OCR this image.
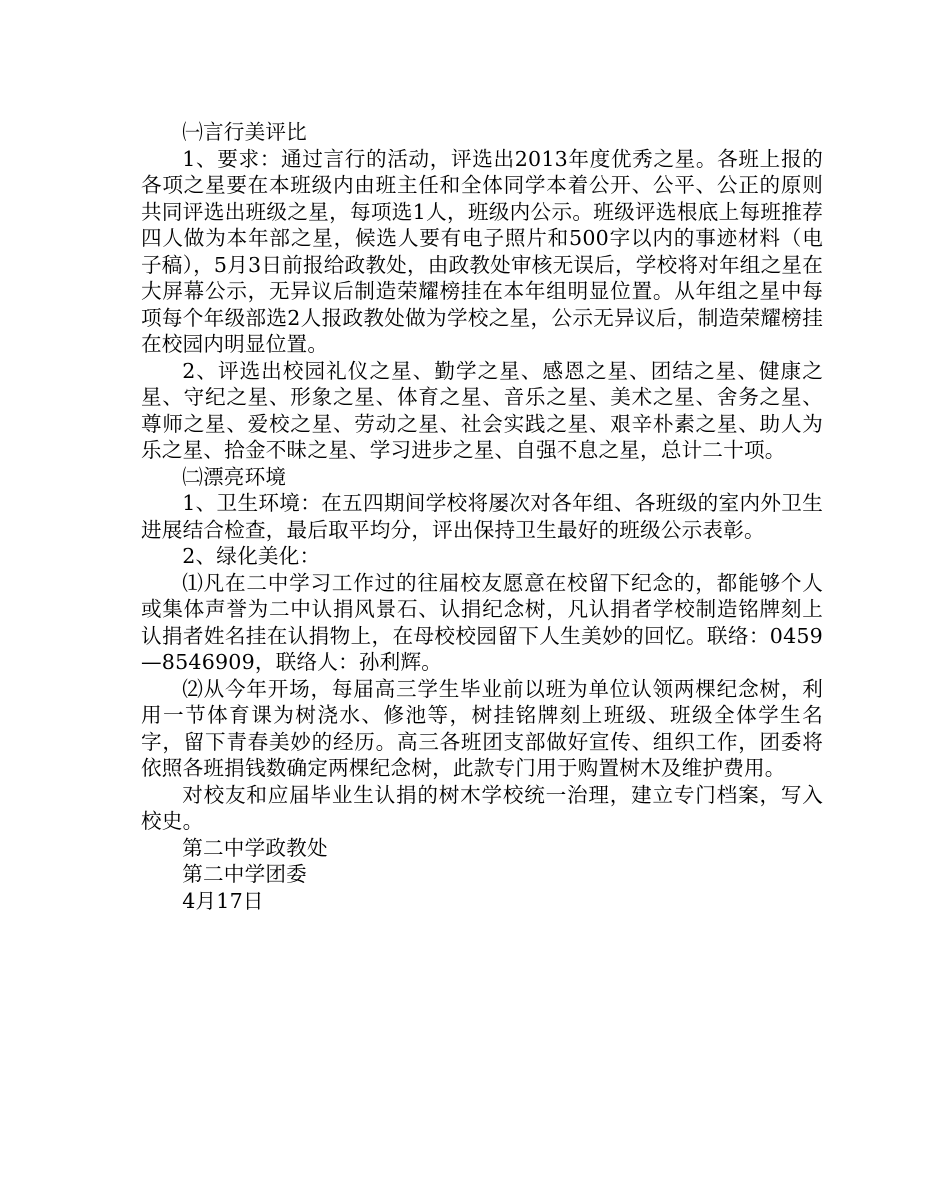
㈠言行美评比

1、要求：通过言行的活动，评选出2013年度优秀之星。各班上报的各项之星要在本班级内由班主任和全体同学本着公开、公平、公正的原则共同评选出班级之星，每项选1人，班级内公示。班级评选根底上每班推荐四人做为本年部之星，候选人要有电子照片和500字以内的事迹材料（电子稿），5月3日前报给政教处，由政教处审核无误后，学校将对年组之星在大屏幕公示，无异议后制造荣耀榜挂在本年组明显位置。从年组之星中每项每个年级部选2人报政教处做为学校之星，公示无异议后，制造荣耀榜挂在校园内明显位置。

2、评选出校园礼仪之星、勤学之星、感恩之星、团结之星、健康之星、守纪之星、形象之星、体育之星、音乐之星、美术之星、舍务之星、尊师之星、爱校之星、劳动之星、社会实践之星、艰辛朴素之星、助人为乐之星、拾金不昧之星、学习进步之星、自强不息之星，总计二十项。

㈡漂亮环境

1、卫生环境：在五四期间学校将屡次对各年组、各班级的室内外卫生进展结合检查，最后取平均分，评出保持卫生最好的班级公示表彰。

2、绿化美化：

⑴凡在二中学习工作过的往届校友愿意在校留下纪念的，都能够个人或集体声誉为二中认捐风景石、认捐纪念树，凡认捐者学校制造铭牌刻上认捐者姓名挂在认捐物上，在母校校园留下人生美妙的回忆。联络：0459—8546909，联络人：孙利辉。

⑵从今年开场，每届高三学生毕业前以班为单位认领两棵纪念树，利用一节体育课为树浇水、修池等，树挂铭牌刻上班级、班级全体学生名字，留下青春美妙的经历。高三各班团支部做好宣传、组织工作，团委将依照各班捐钱数确定两棵纪念树，此款专门用于购置树木及维护费用。

对校友和应届毕业生认捐的树木学校统一治理，建立专门档案，写入校史。

第二中学政教处

第二中学团委

4月17日
